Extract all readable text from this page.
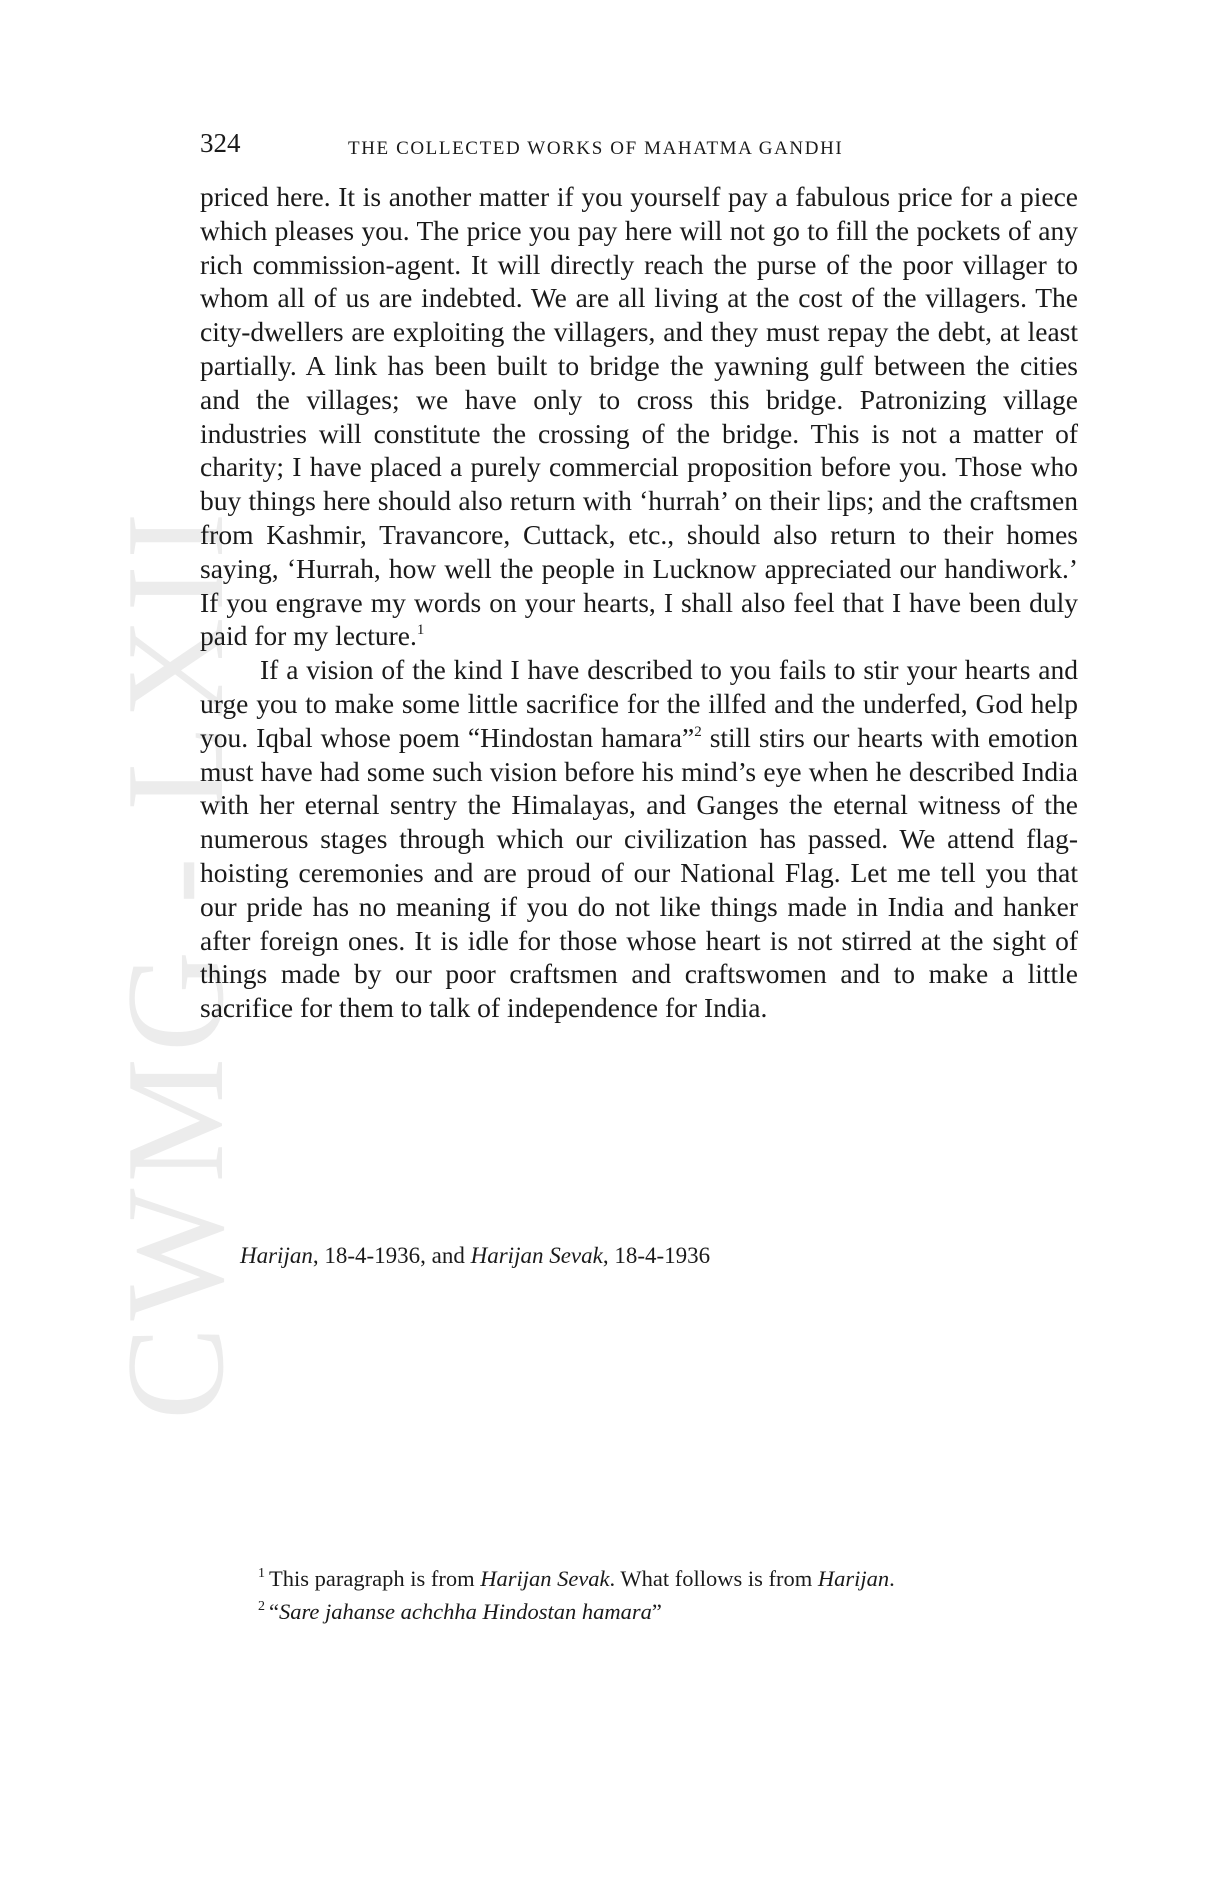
CWMG - LXII
324	THE COLLECTED WORKS OF MAHATMA GANDHI

priced here. It is another matter if you yourself pay a fabulous price for a piece which pleases you. The price you pay here will not go to fill the pockets of any rich commission-agent. It will directly reach the purse of the poor villager to whom all of us are indebted. We are all living at the cost of the villagers. The city-dwellers are exploiting the villagers, and they must repay the debt, at least partially. A link has been built to bridge the yawning gulf between the cities and the villages; we have only to cross this bridge. Patronizing village industries will constitute the crossing of the bridge. This is not a matter of charity; I have placed a purely commercial proposition before you. Those who buy things here should also return with ‘hurrah’ on their lips; and the craftsmen from Kashmir, Travancore, Cuttack, etc., should also return to their homes saying, ‘Hurrah, how well the people in Lucknow appreciated our handiwork.’ If you engrave my words on your hearts, I shall also feel that I have been duly paid for my lecture.$^1$

If a vision of the kind I have described to you fails to stir your hearts and urge you to make some little sacrifice for the illfed and the underfed, God help you. Iqbal whose poem “Hindostan hamara”$^2$ still stirs our hearts with emotion must have had some such vision before his mind’s eye when he described India with her eternal sentry the Himalayas, and Ganges the eternal witness of the numerous stages through which our civilization has passed. We attend flag-hoisting ceremonies and are proud of our National Flag. Let me tell you that our pride has no meaning if you do not like things made in India and hanker after foreign ones. It is idle for those whose heart is not stirred at the sight of things made by our poor craftsmen and craftswomen and to make a little sacrifice for them to talk of independence for India.

Harijan, 18-4-1936, and Harijan Sevak, 18-4-1936
$^1$ This paragraph is from Harijan Sevak. What follows is from Harijan.
$^2$ “Sare jahanse achchha Hindostan hamara”
